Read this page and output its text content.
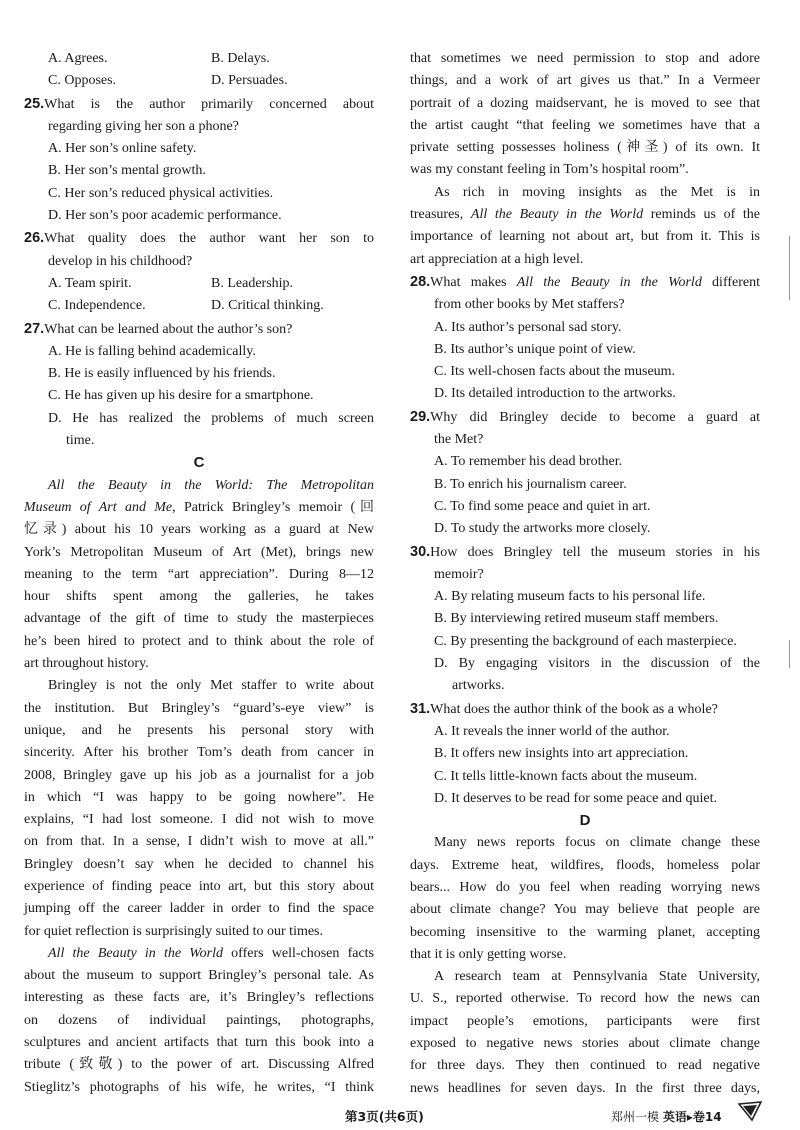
A. Agrees.	B. Delays.
C. Opposes.	D. Persuades.
25.What is the author primarily concerned about
regarding giving her son a phone?
A. Her son’s online safety.
B. Her son’s mental growth.
C. Her son’s reduced physical activities.
D. Her son’s poor academic performance.
26.What quality does the author want her son to
develop in his childhood?
A. Team spirit.	B. Leadership.
C. Independence.	D. Critical thinking.
27.What can be learned about the author’s son?
A. He is falling behind academically.
B. He is easily influenced by his friends.
C. He has given up his desire for a smartphone.
D. He has realized the problems of much screen
time.
C
All the Beauty in the World: The Metropolitan
Museum of Art and Me, Patrick Bringley’s memoir (回
忆录) about his 10 years working as a guard at New
York’s Metropolitan Museum of Art (Met), brings new
meaning to the term “art appreciation”. During 8—12
hour shifts spent among the galleries, he takes
advantage of the gift of time to study the masterpieces
he’s been hired to protect and to think about the role of
art throughout history.
Bringley is not the only Met staffer to write about
the institution. But Bringley’s “guard’s-eye view” is
unique, and he presents his personal story with
sincerity. After his brother Tom’s death from cancer in
2008, Bringley gave up his job as a journalist for a job
in which “I was happy to be going nowhere”. He
explains, “I had lost someone. I did not wish to move
on from that. In a sense, I didn’t wish to move at all.”
Bringley doesn’t say when he decided to channel his
experience of finding peace into art, but this story about
jumping off the career ladder in order to find the space
for quiet reflection is surprisingly suited to our times.
All the Beauty in the World offers well-chosen facts
about the museum to support Bringley’s personal tale. As
interesting as these facts are, it’s Bringley’s reflections
on dozens of individual paintings, photographs,
sculptures and ancient artifacts that turn this book into a
tribute (致敬) to the power of art. Discussing Alfred
Stieglitz’s photographs of his wife, he writes, “I think
that sometimes we need permission to stop and adore
things, and a work of art gives us that.” In a Vermeer
portrait of a dozing maidservant, he is moved to see that
the artist caught “that feeling we sometimes have that a
private setting possesses holiness (神圣) of its own. It
was my constant feeling in Tom’s hospital room”.
As rich in moving insights as the Met is in
treasures, All the Beauty in the World reminds us of the
importance of learning not about art, but from it. This is
art appreciation at a high level.
28.What makes All the Beauty in the World different
from other books by Met staffers?
A. Its author’s personal sad story.
B. Its author’s unique point of view.
C. Its well-chosen facts about the museum.
D. Its detailed introduction to the artworks.
29.Why did Bringley decide to become a guard at
the Met?
A. To remember his dead brother.
B. To enrich his journalism career.
C. To find some peace and quiet in art.
D. To study the artworks more closely.
30.How does Bringley tell the museum stories in his
memoir?
A. By relating museum facts to his personal life.
B. By interviewing retired museum staff members.
C. By presenting the background of each masterpiece.
D. By engaging visitors in the discussion of the
artworks.
31.What does the author think of the book as a whole?
A. It reveals the inner world of the author.
B. It offers new insights into art appreciation.
C. It tells little-known facts about the museum.
D. It deserves to be read for some peace and quiet.
D
Many news reports focus on climate change these
days. Extreme heat, wildfires, floods, homeless polar
bears... How do you feel when reading worrying news
about climate change? You may believe that people are
becoming insensitive to the warming planet, accepting
that it is only getting worse.
A research team at Pennsylvania State University,
U. S., reported otherwise. To record how the news can
impact people’s emotions, participants were first
exposed to negative news stories about climate change
for three days. They then continued to read negative
news headlines for seven days. In the first three days,
第3页(共6页)	郑州一模 英语▸卷14
